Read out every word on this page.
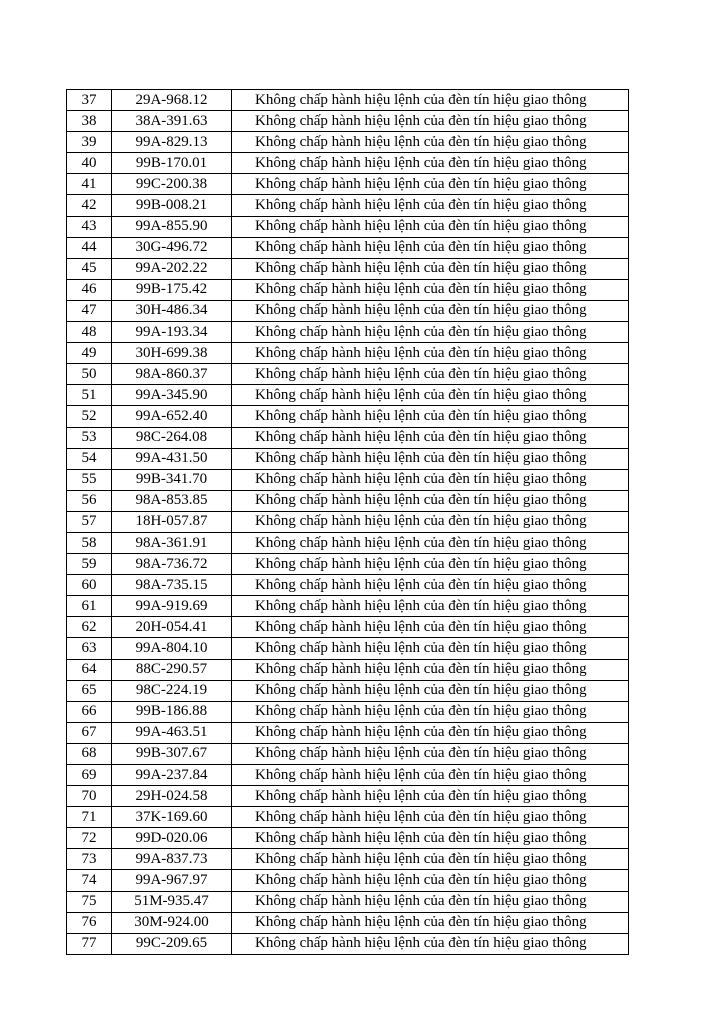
37	29A-968.12	Không chấp hành hiệu lệnh của đèn tín hiệu giao thông
38	38A-391.63	Không chấp hành hiệu lệnh của đèn tín hiệu giao thông
39	99A-829.13	Không chấp hành hiệu lệnh của đèn tín hiệu giao thông
40	99B-170.01	Không chấp hành hiệu lệnh của đèn tín hiệu giao thông
41	99C-200.38	Không chấp hành hiệu lệnh của đèn tín hiệu giao thông
42	99B-008.21	Không chấp hành hiệu lệnh của đèn tín hiệu giao thông
43	99A-855.90	Không chấp hành hiệu lệnh của đèn tín hiệu giao thông
44	30G-496.72	Không chấp hành hiệu lệnh của đèn tín hiệu giao thông
45	99A-202.22	Không chấp hành hiệu lệnh của đèn tín hiệu giao thông
46	99B-175.42	Không chấp hành hiệu lệnh của đèn tín hiệu giao thông
47	30H-486.34	Không chấp hành hiệu lệnh của đèn tín hiệu giao thông
48	99A-193.34	Không chấp hành hiệu lệnh của đèn tín hiệu giao thông
49	30H-699.38	Không chấp hành hiệu lệnh của đèn tín hiệu giao thông
50	98A-860.37	Không chấp hành hiệu lệnh của đèn tín hiệu giao thông
51	99A-345.90	Không chấp hành hiệu lệnh của đèn tín hiệu giao thông
52	99A-652.40	Không chấp hành hiệu lệnh của đèn tín hiệu giao thông
53	98C-264.08	Không chấp hành hiệu lệnh của đèn tín hiệu giao thông
54	99A-431.50	Không chấp hành hiệu lệnh của đèn tín hiệu giao thông
55	99B-341.70	Không chấp hành hiệu lệnh của đèn tín hiệu giao thông
56	98A-853.85	Không chấp hành hiệu lệnh của đèn tín hiệu giao thông
57	18H-057.87	Không chấp hành hiệu lệnh của đèn tín hiệu giao thông
58	98A-361.91	Không chấp hành hiệu lệnh của đèn tín hiệu giao thông
59	98A-736.72	Không chấp hành hiệu lệnh của đèn tín hiệu giao thông
60	98A-735.15	Không chấp hành hiệu lệnh của đèn tín hiệu giao thông
61	99A-919.69	Không chấp hành hiệu lệnh của đèn tín hiệu giao thông
62	20H-054.41	Không chấp hành hiệu lệnh của đèn tín hiệu giao thông
63	99A-804.10	Không chấp hành hiệu lệnh của đèn tín hiệu giao thông
64	88C-290.57	Không chấp hành hiệu lệnh của đèn tín hiệu giao thông
65	98C-224.19	Không chấp hành hiệu lệnh của đèn tín hiệu giao thông
66	99B-186.88	Không chấp hành hiệu lệnh của đèn tín hiệu giao thông
67	99A-463.51	Không chấp hành hiệu lệnh của đèn tín hiệu giao thông
68	99B-307.67	Không chấp hành hiệu lệnh của đèn tín hiệu giao thông
69	99A-237.84	Không chấp hành hiệu lệnh của đèn tín hiệu giao thông
70	29H-024.58	Không chấp hành hiệu lệnh của đèn tín hiệu giao thông
71	37K-169.60	Không chấp hành hiệu lệnh của đèn tín hiệu giao thông
72	99D-020.06	Không chấp hành hiệu lệnh của đèn tín hiệu giao thông
73	99A-837.73	Không chấp hành hiệu lệnh của đèn tín hiệu giao thông
74	99A-967.97	Không chấp hành hiệu lệnh của đèn tín hiệu giao thông
75	51M-935.47	Không chấp hành hiệu lệnh của đèn tín hiệu giao thông
76	30M-924.00	Không chấp hành hiệu lệnh của đèn tín hiệu giao thông
77	99C-209.65	Không chấp hành hiệu lệnh của đèn tín hiệu giao thông
